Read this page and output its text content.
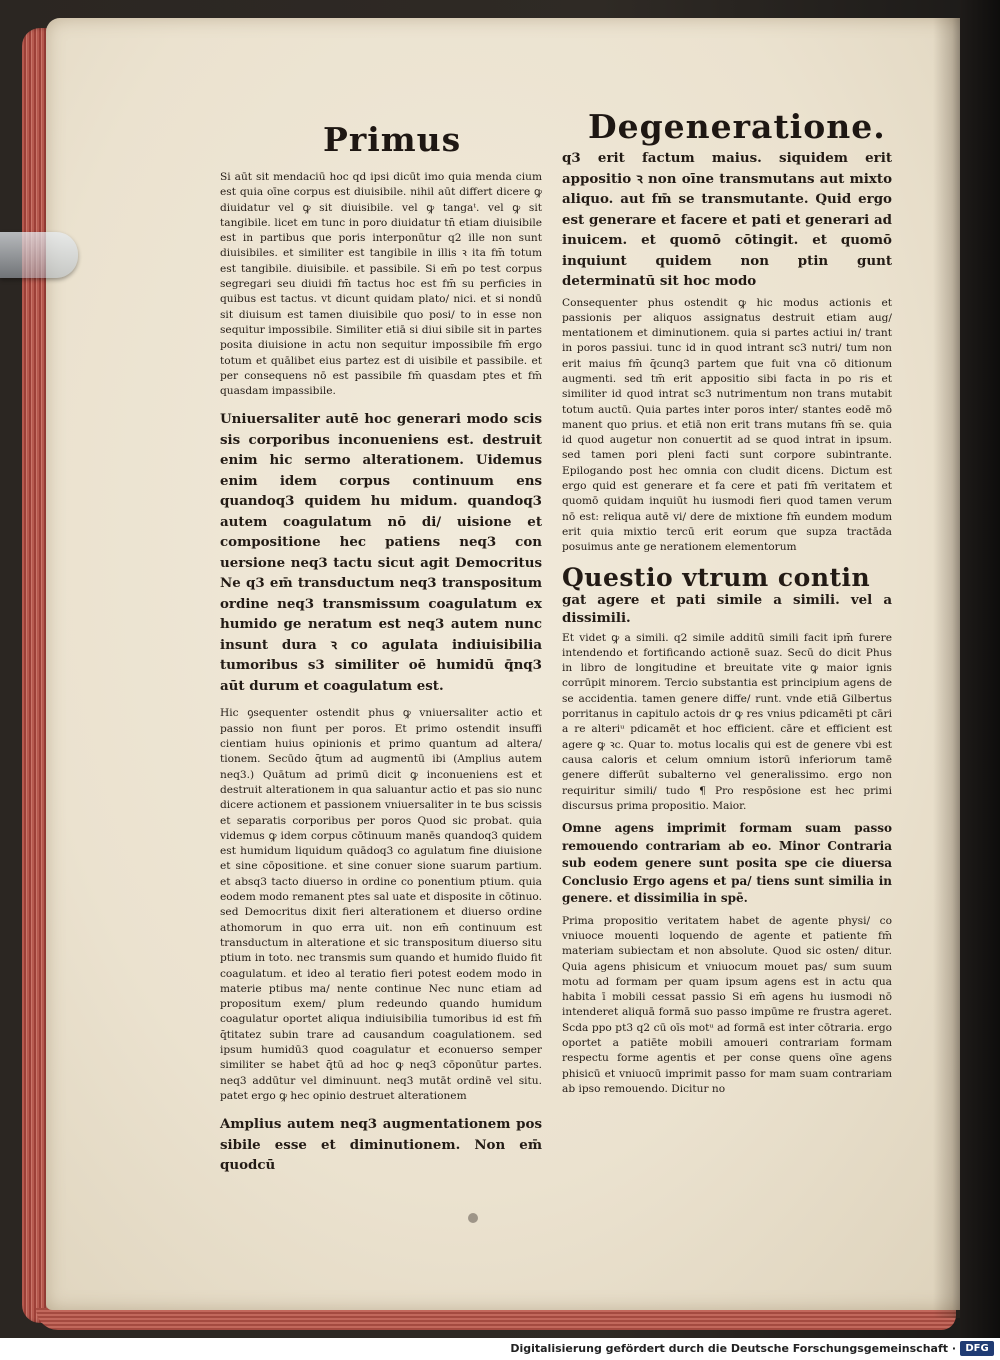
Primus	Degeneratione.

Si aūt sit mendaciū hoc qd ipsi dicūt imo quia menda cium est quia oīne corpus est diuisibile. nihil aūt differt dicere ꝙ diuidatur vel ꝙ sit diuisibile. vel ꝙ tangaᵗ. vel ꝙ sit tangibile. licet em tunc in poro diuidatur tn̄ etiam diuisibile est in partibus que poris interponūtur q2 ille non sunt diuisibiles. et similiter est tangibile in illis ꝛ ita fm̄ totum est tangibile. diuisibile. et passibile. Si em̄ po test corpus segregari seu diuidi fm̄ tactus hoc est fm̄ su perficies in quibus est tactus. vt dicunt quidam plato/ nici. et si nondū sit diuisum est tamen diuisibile quo posi/ to in esse non sequitur impossibile. Similiter etiā si diui sibile sit in partes posita diuisione in actu non sequitur impossibile fm̄ ergo totum et quālibet eius partez est di uisibile et passibile. et per consequens nō est passibile fm̄ quasdam ptes et fm̄ quasdam impassibile.

Uniuersaliter autē hoc generari modo scis sis corporibus inconueniens est. destruit enim hic sermo alterationem. Uidemus enim idem corpus continuum ens quandoq3 quidem hu midum. quandoq3 autem coagulatum nō di/ uisione et compositione hec patiens neq3 con uersione neq3 tactu sicut agit Democritus Ne q3 em̄ transductum neq3 transpositum ordine neq3 transmissum coagulatum ex humido ge neratum est neq3 autem nunc insunt dura ꝛ co agulata indiuisibilia tumoribus s3 similiter oē humidū q̄nq3 aūt durum et coagulatum est.

Hic ꝯsequenter ostendit phus ꝙ vniuersaliter actio et passio non fiunt per poros. Et primo ostendit insuffi cientiam huius opinionis et primo quantum ad altera/ tionem. Secūdo q̄tum ad augmentū ibi (Amplius autem neq3.) Quātum ad primū dicit ꝙ inconueniens est et destruit alterationem in qua saluantur actio et pas sio nunc dicere actionem et passionem vniuersaliter in te bus scissis et separatis corporibus per poros Quod sic probat. quia videmus ꝙ idem corpus cōtinuum manēs quandoq3 quidem est humidum liquidum quādoq3 co agulatum fine diuisione et sine cōpositione. et sine conuer sione suarum partium. et absq3 tacto diuerso in ordine co ponentium ptium. quia eodem modo remanent ptes sal uate et disposite in cōtinuo. sed Democritus dixit fieri alterationem et diuerso ordine athomorum in quo erra uit. non em̄ continuum est transductum in alteratione et sic transpositum diuerso situ ptium in toto. nec transmis sum quando et humido fluido fit coagulatum. et ideo al teratio fieri potest eodem modo in materie ptibus ma/ nente continue Nec nunc etiam ad propositum exem/ plum redeundo quando humidum coagulatur oportet aliqua indiuisibilia tumoribus id est fm̄ q̄titatez subin trare ad causandum coagulationem. sed ipsum humidū3 quod coagulatur et econuerso semper similiter se habet q̄tū ad hoc ꝙ neq3 cōponūtur partes. neq3 addūtur vel diminuunt. neq3 mutāt ordinē vel situ. patet ergo ꝙ hec opinio destruet alterationem

Amplius autem neq3 augmentationem pos sibile esse et diminutionem. Non em̄ quodcū

q3 erit factum maius. siquidem erit appositio ꝛ non oīne transmutans aut mixto aliquo. aut fm̄ se transmutante. Quid ergo est generare et facere et pati et generari ad inuicem. et quomō cōtingit. et quomō inquiunt quidem non ptin gunt determinatū sit hoc modo

Consequenter phus ostendit ꝙ hic modus actionis et passionis per aliquos assignatus destruit etiam aug/ mentationem et diminutionem. quia si partes actiui in/ trant in poros passiui. tunc id in quod intrant sc3 nutri/ tum non erit maius fm̄ q̄cunq3 partem que fuit vna cō ditionum augmenti. sed tm̄ erit appositio sibi facta in po ris et similiter id quod intrat sc3 nutrimentum non trans mutabit totum auctū. Quia partes inter poros inter/ stantes eodē mō manent quo prius. et etiā non erit trans mutans fm̄ se. quia id quod augetur non conuertit ad se quod intrat in ipsum. sed tamen pori pleni facti sunt corpore subintrante. Epilogando post hec omnia con cludit dicens. Dictum est ergo quid est generare et fa cere et pati fm̄ veritatem et quomō quidam inquiūt hu iusmodi fieri quod tamen verum nō est: reliqua autē vi/ dere de mixtione fm̄ eundem modum erit quia mixtio tercū erit eorum que supza tractāda posuimus ante ge nerationem elementorum

Questio vtrum contin

gat agere et pati simile a simili. vel a dissimili.

Et videt ꝙ a simili. q2 simile additū simili facit ipm̄ furere intendendo et fortificando actionē suaz. Secū do dicit Phus in libro de longitudine et breuitate vite ꝙ maior ignis corrūpit minorem. Tercio substantia est principium agens de se accidentia. tamen genere diffe/ runt. vnde etiā Gilbertus porritanus in capitulo actois dr ꝙ res vnius pdicamēti pt cāri a re alteriᵘ pdicamēt et hoc efficient. cāre et efficient est agere ꝙ ꝛc. Quar to. motus localis qui est de genere vbi est causa caloris et celum omnium istorū inferiorum tamē genere differūt subalterno vel generalissimo. ergo non requiritur simili/ tudo ¶ Pro respōsione est hec primi discursus prima propositio. Maior.

Omne agens imprimit formam suam passo remouendo contrariam ab eo. Minor Contraria sub eodem genere sunt posita spe cie diuersa Conclusio Ergo agens et pa/ tiens sunt similia in genere. et dissimilia in spē.

Prima propositio veritatem habet de agente physi/ co vniuoce mouenti loquendo de agente et patiente fm̄ materiam subiectam et non absolute. Quod sic osten/ ditur. Quia agens phisicum et vniuocum mouet pas/ sum suum motu ad formam per quam ipsum agens est in actu qua habita ī mobili cessat passio Si em̄ agens hu iusmodi nō intenderet aliquā formā suo passo impūme re frustra ageret. Scda ppo pt3 q2 cū oīs motᵘ ad formā est inter cōtraria. ergo oportet a patiēte mobili amoueri contrariam formam respectu forme agentis et per conse quens oīne agens phisicū et vniuocū imprimit passo for mam suam contrariam ab ipso remouendo. Dicitur no

Digitalisierung gefördert durch die Deutsche Forschungsgemeinschaft · DFG
